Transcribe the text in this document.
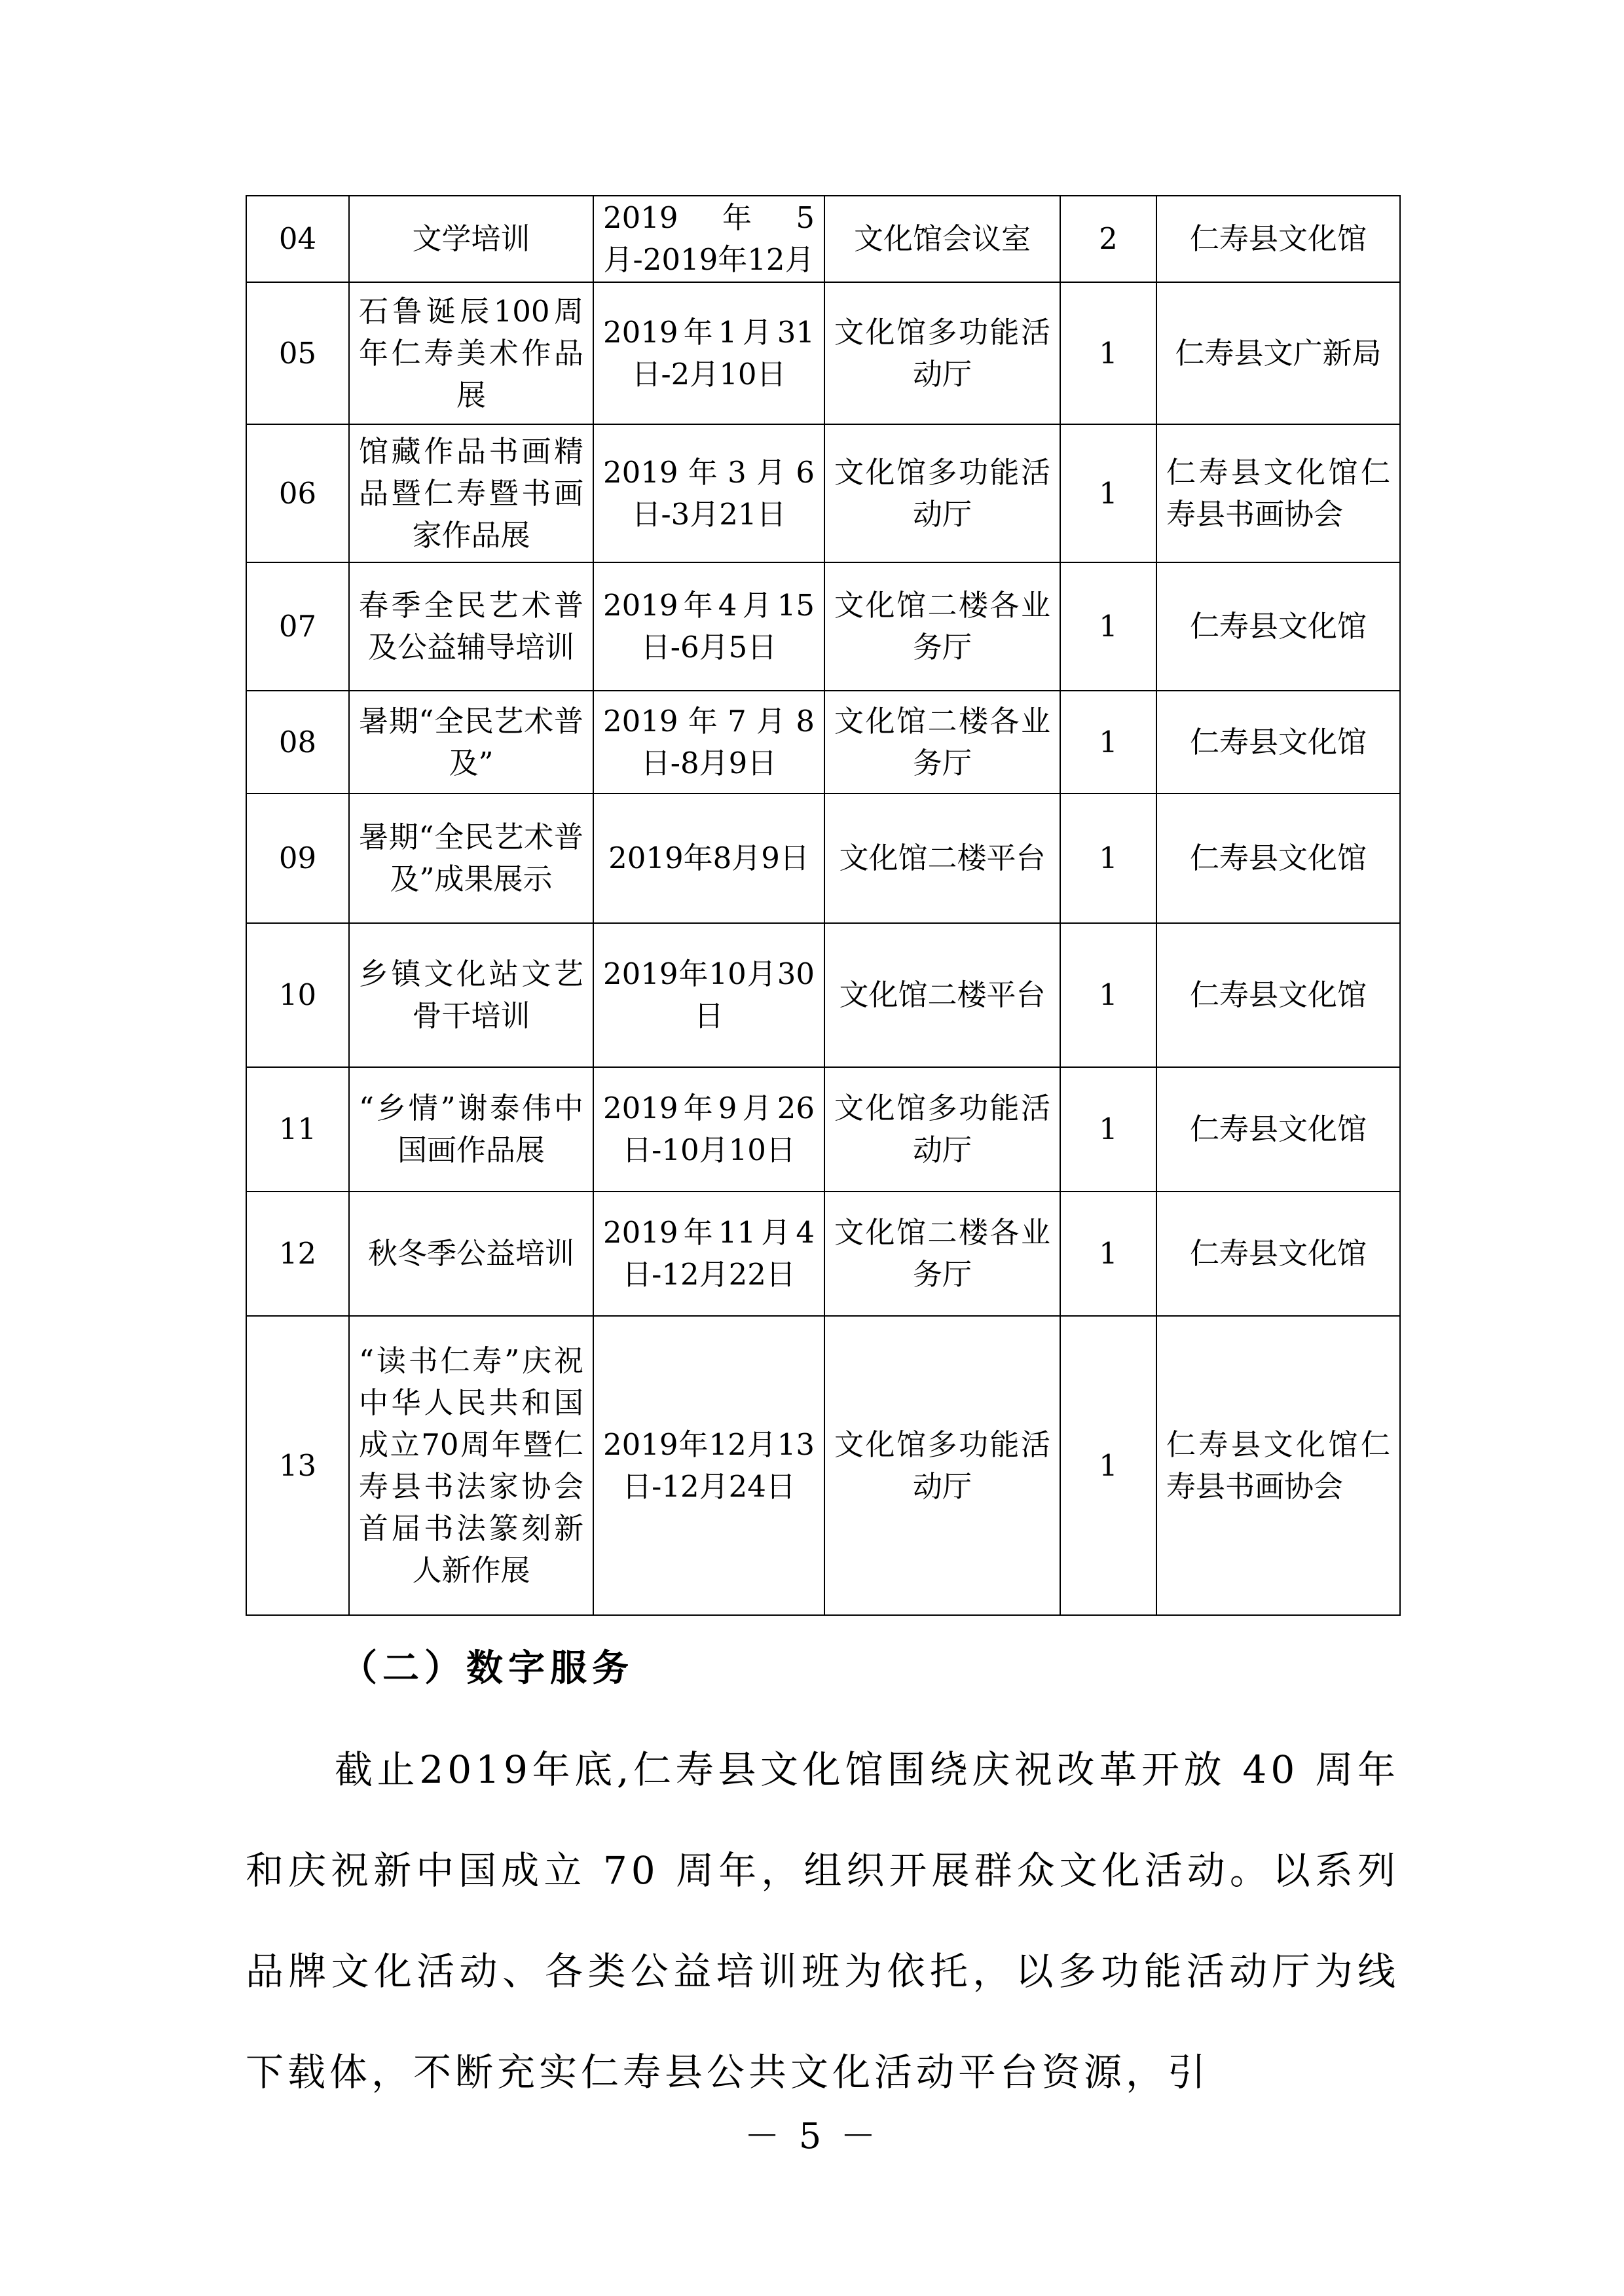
04	文学培训	2019年5月-2019年12月	文化馆会议室	2	仁寿县文化馆
05	石鲁诞辰100周年仁寿美术作品展	2019年1月31日-2月10日	文化馆多功能活动厅	1	仁寿县文广新局
06	馆藏作品书画精品暨仁寿暨书画家作品展	2019年3月6日-3月21日	文化馆多功能活动厅	1	仁寿县文化馆仁寿县书画协会
07	春季全民艺术普及公益辅导培训	2019年4月15日-6月5日	文化馆二楼各业务厅	1	仁寿县文化馆
08	暑期“全民艺术普及”	2019年7月8日-8月9日	文化馆二楼各业务厅	1	仁寿县文化馆
09	暑期“全民艺术普及”成果展示	2019年8月9日	文化馆二楼平台	1	仁寿县文化馆
10	乡镇文化站文艺骨干培训	2019年10月30日	文化馆二楼平台	1	仁寿县文化馆
11	“乡情”谢泰伟中国画作品展	2019年9月26日-10月10日	文化馆多功能活动厅	1	仁寿县文化馆
12	秋冬季公益培训	2019年11月4日-12月22日	文化馆二楼各业务厅	1	仁寿县文化馆
13	“读书仁寿”庆祝中华人民共和国成立70周年暨仁寿县书法家协会首届书法篆刻新人新作展	2019年12月13日-12月24日	文化馆多功能活动厅	1	仁寿县文化馆仁寿县书画协会
（二）数字服务

截止2019年底,仁寿县文化馆围绕庆祝改革开放 40 周年和庆祝新中国成立 70 周年，组织开展群众文化活动。以系列品牌文化活动、各类公益培训班为依托，以多功能活动厅为线下载体，不断充实仁寿县公共文化活动平台资源，引

－ 5 －
